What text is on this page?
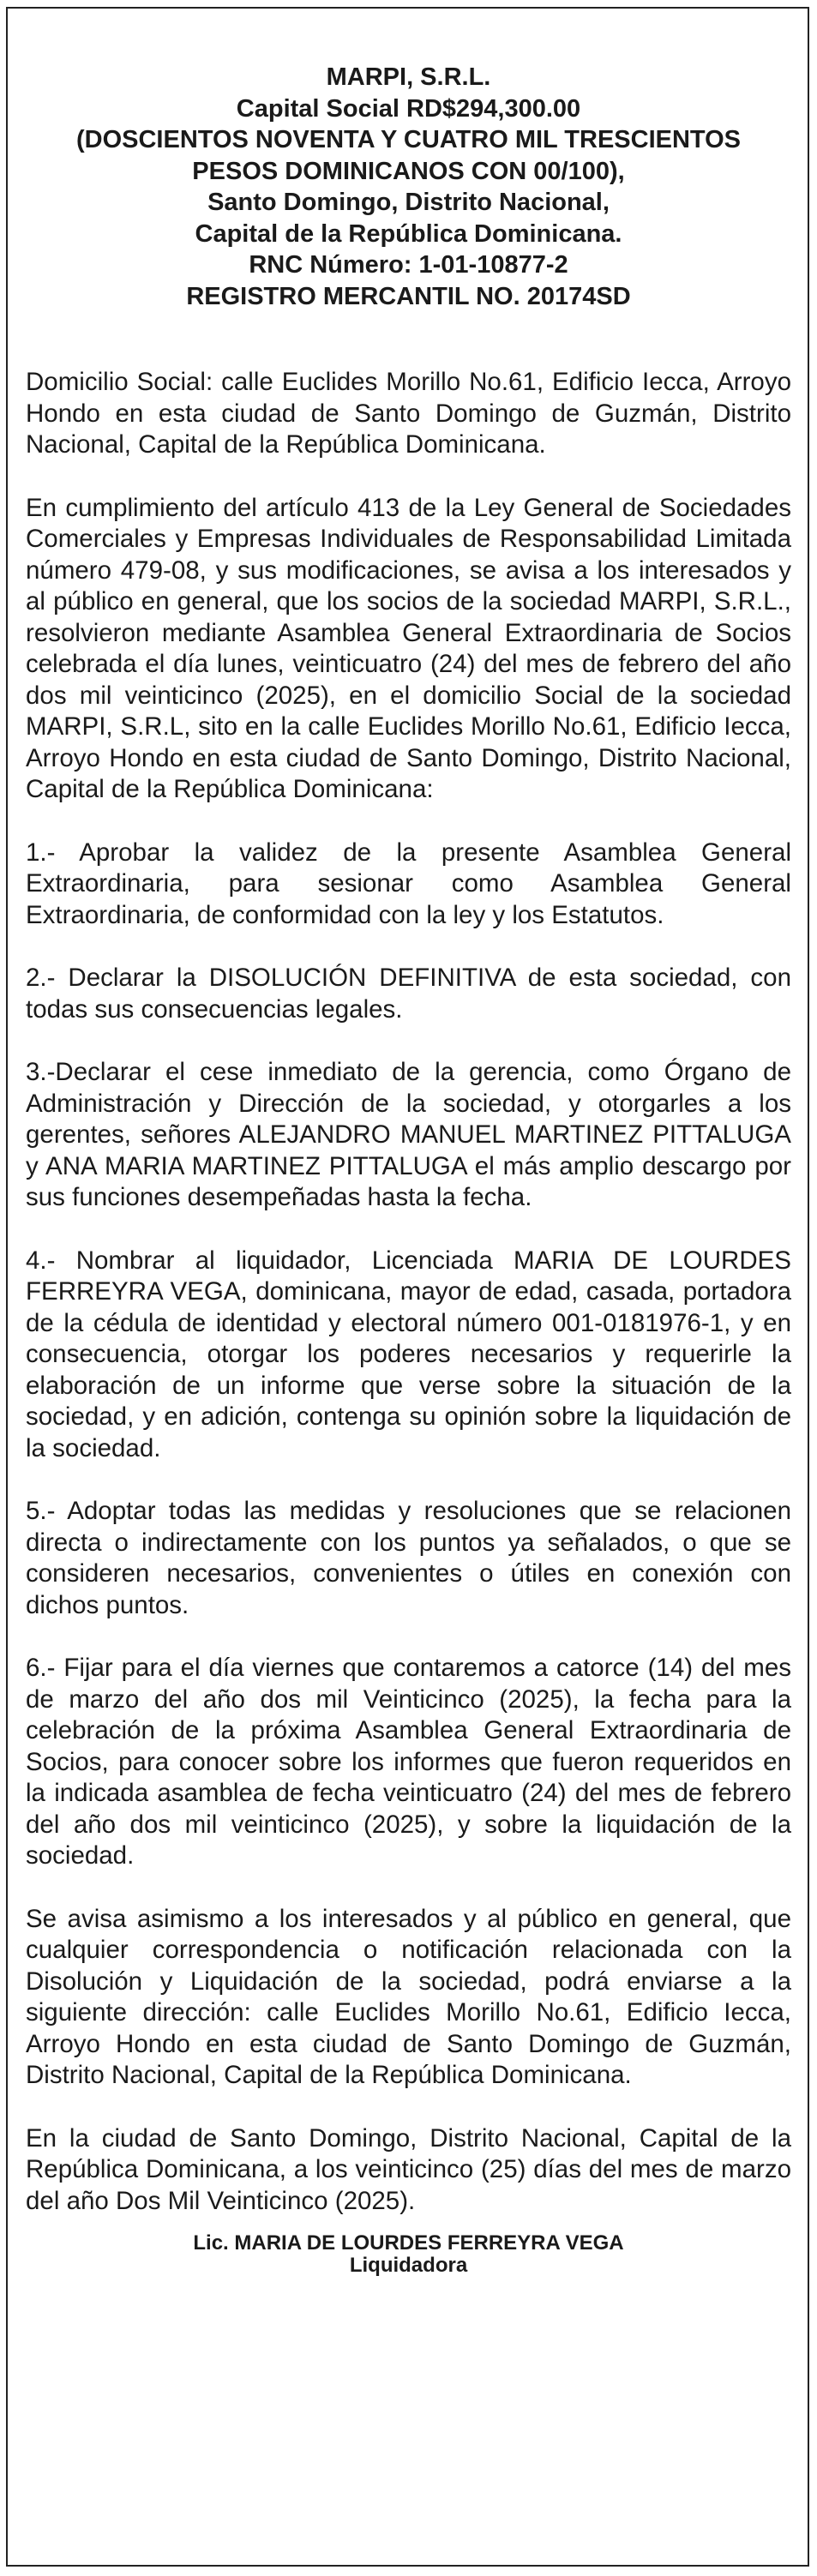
MARPI, S.R.L.
Capital Social RD$294,300.00
(DOSCIENTOS NOVENTA Y CUATRO MIL TRESCIENTOS
PESOS DOMINICANOS CON 00/100),
Santo Domingo, Distrito Nacional,
Capital de la República Dominicana.
RNC Número: 1-01-10877-2
REGISTRO MERCANTIL NO. 20174SD

Domicilio Social: calle Euclides Morillo No.61, Edificio Iecca, Arroyo Hondo en esta ciudad de Santo Domingo de Guzmán, Distrito Nacional, Capital de la República Dominicana.

En cumplimiento del artículo 413 de la Ley General de Sociedades Comerciales y Empresas Individuales de Responsabilidad Limitada número 479-08, y sus modificaciones, se avisa a los interesados y al público en general, que los socios de la sociedad MARPI, S.R.L., resolvieron mediante Asamblea General Extraordinaria de Socios celebrada el día lunes, veinticuatro (24) del mes de febrero del año dos mil veinticinco (2025), en el domicilio Social de la sociedad MARPI, S.R.L, sito en la calle Euclides Morillo No.61, Edificio Iecca, Arroyo Hondo en esta ciudad de Santo Domingo, Distrito Nacional, Capital de la República Dominicana:

1.- Aprobar la validez de la presente Asamblea General Extraordinaria, para sesionar como Asamblea General Extraordinaria, de conformidad con la ley y los Estatutos.

2.- Declarar la DISOLUCIÓN DEFINITIVA de esta sociedad, con todas sus consecuencias legales.

3.-Declarar el cese inmediato de la gerencia, como Órgano de Administración y Dirección de la sociedad, y otorgarles a los gerentes, señores ALEJANDRO MANUEL MARTINEZ PITTALUGA y ANA MARIA MARTINEZ PITTALUGA el más amplio descargo por sus funciones desempeñadas hasta la fecha.

4.- Nombrar al liquidador, Licenciada MARIA DE LOURDES FERREYRA VEGA, dominicana, mayor de edad, casada, portadora de la cédula de identidad y electoral número 001-0181976-1, y en consecuencia, otorgar los poderes necesarios y requerirle la elaboración de un informe que verse sobre la situación de la sociedad, y en adición, contenga su opinión sobre la liquidación de la sociedad.

5.- Adoptar todas las medidas y resoluciones que se relacionen directa o indirectamente con los puntos ya señalados, o que se consideren necesarios, convenientes o útiles en conexión con dichos puntos.

6.- Fijar para el día viernes que contaremos a catorce (14) del mes de marzo del año dos mil Veinticinco (2025), la fecha para la celebración de la próxima Asamblea General Extraordinaria de Socios, para conocer sobre los informes que fueron requeridos en la indicada asamblea de fecha veinticuatro (24) del mes de febrero del año dos mil veinticinco (2025), y sobre la liquidación de la sociedad.

Se avisa asimismo a los interesados y al público en general, que cualquier correspondencia o notificación relacionada con la Disolución y Liquidación de la sociedad, podrá enviarse a la siguiente dirección: calle Euclides Morillo No.61, Edificio Iecca, Arroyo Hondo en esta ciudad de Santo Domingo de Guzmán, Distrito Nacional, Capital de la República Dominicana.

En la ciudad de Santo Domingo, Distrito Nacional, Capital de la República Dominicana, a los veinticinco (25) días del mes de marzo del año Dos Mil Veinticinco (2025).

Lic. MARIA DE LOURDES FERREYRA VEGA
Liquidadora
